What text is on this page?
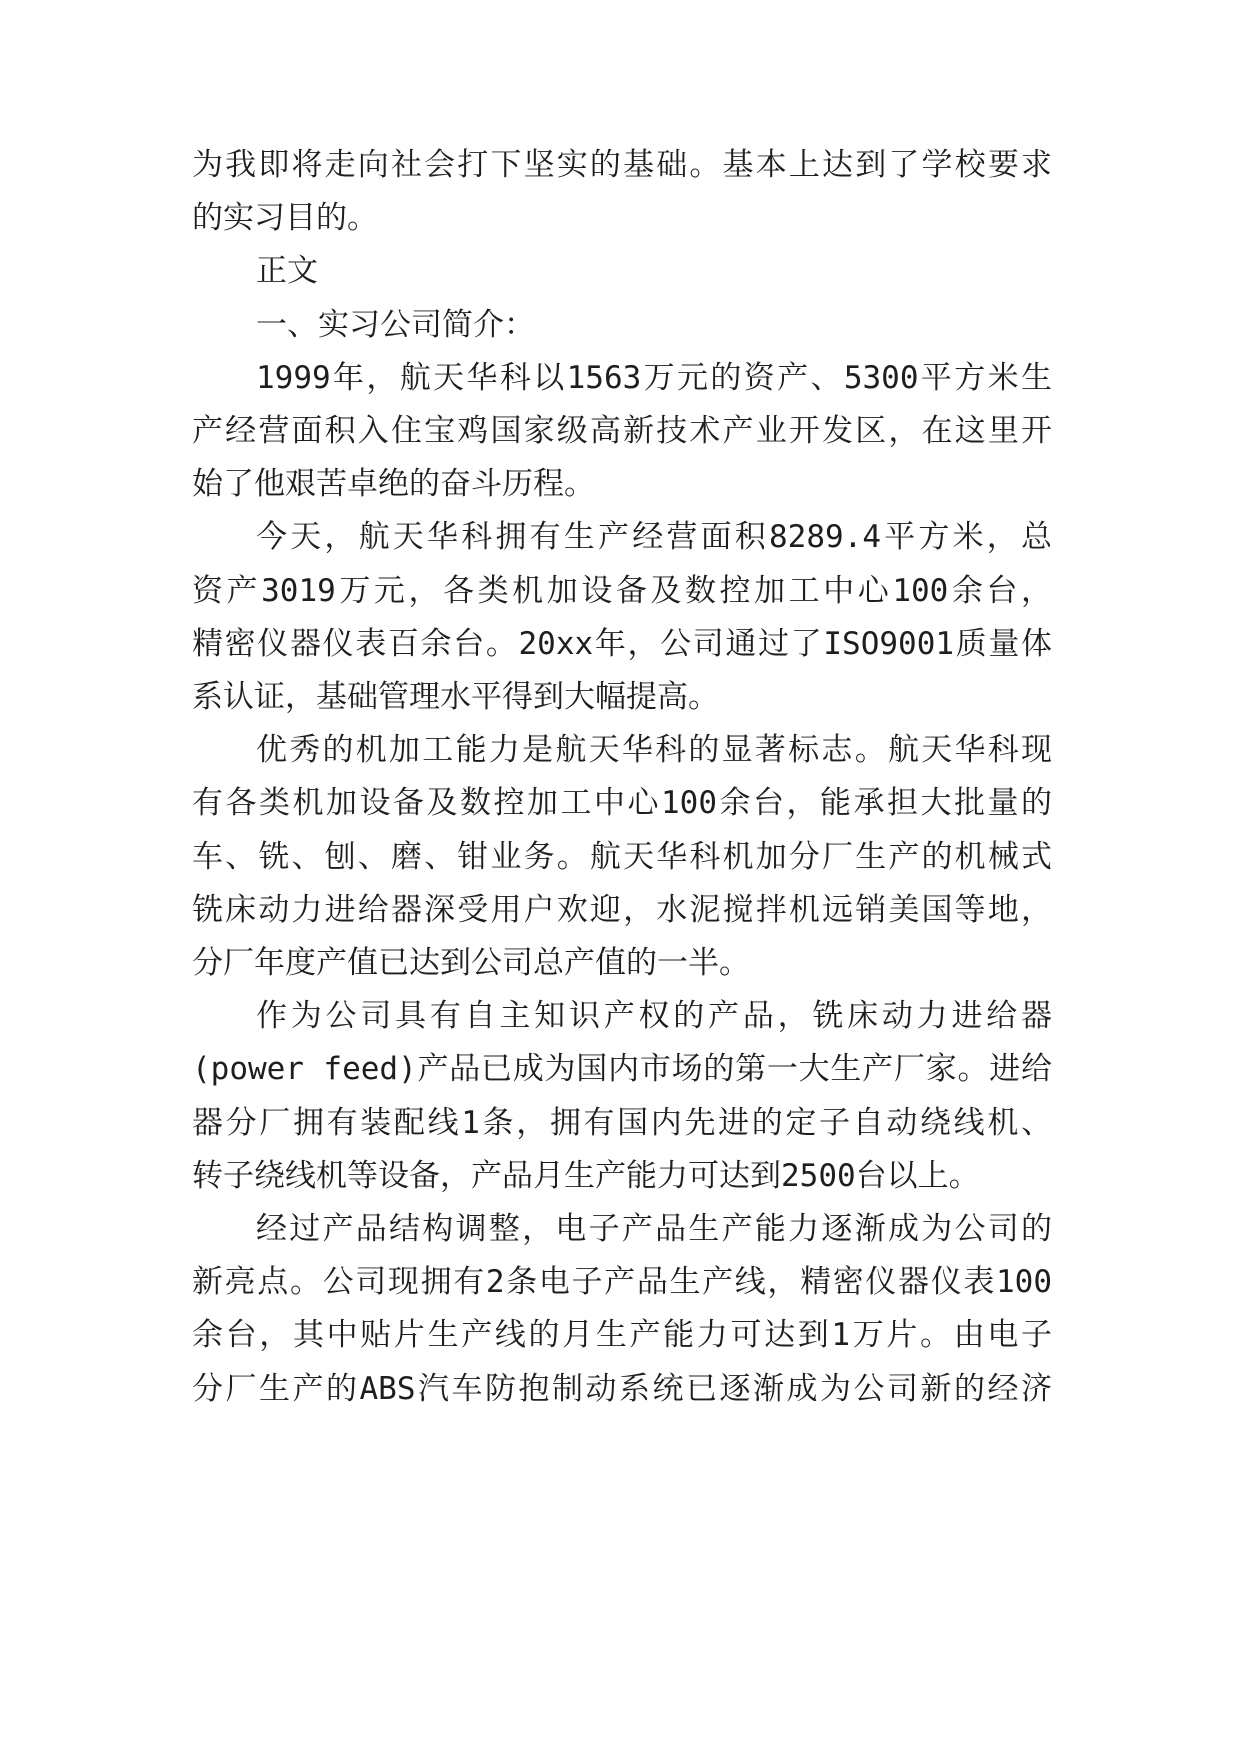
为我即将走向社会打下坚实的基础。基本上达到了学校要求
的实习目的。
正文
一、实习公司简介：
1999年，航天华科以1563万元的资产、5300平方米生
产经营面积入住宝鸡国家级高新技术产业开发区，在这里开
始了他艰苦卓绝的奋斗历程。
今天，航天华科拥有生产经营面积8289.4平方米，总
资产3019万元，各类机加设备及数控加工中心100余台，
精密仪器仪表百余台。20xx年，公司通过了ISO9001质量体
系认证，基础管理水平得到大幅提高。
优秀的机加工能力是航天华科的显著标志。航天华科现
有各类机加设备及数控加工中心100余台，能承担大批量的
车、铣、刨、磨、钳业务。航天华科机加分厂生产的机械式
铣床动力进给器深受用户欢迎，水泥搅拌机远销美国等地，
分厂年度产值已达到公司总产值的一半。
作为公司具有自主知识产权的产品，铣床动力进给器
(power feed)产品已成为国内市场的第一大生产厂家。进给
器分厂拥有装配线1条，拥有国内先进的定子自动绕线机、
转子绕线机等设备，产品月生产能力可达到2500台以上。
经过产品结构调整，电子产品生产能力逐渐成为公司的
新亮点。公司现拥有2条电子产品生产线，精密仪器仪表100
余台，其中贴片生产线的月生产能力可达到1万片。由电子
分厂生产的ABS汽车防抱制动系统已逐渐成为公司新的经济
